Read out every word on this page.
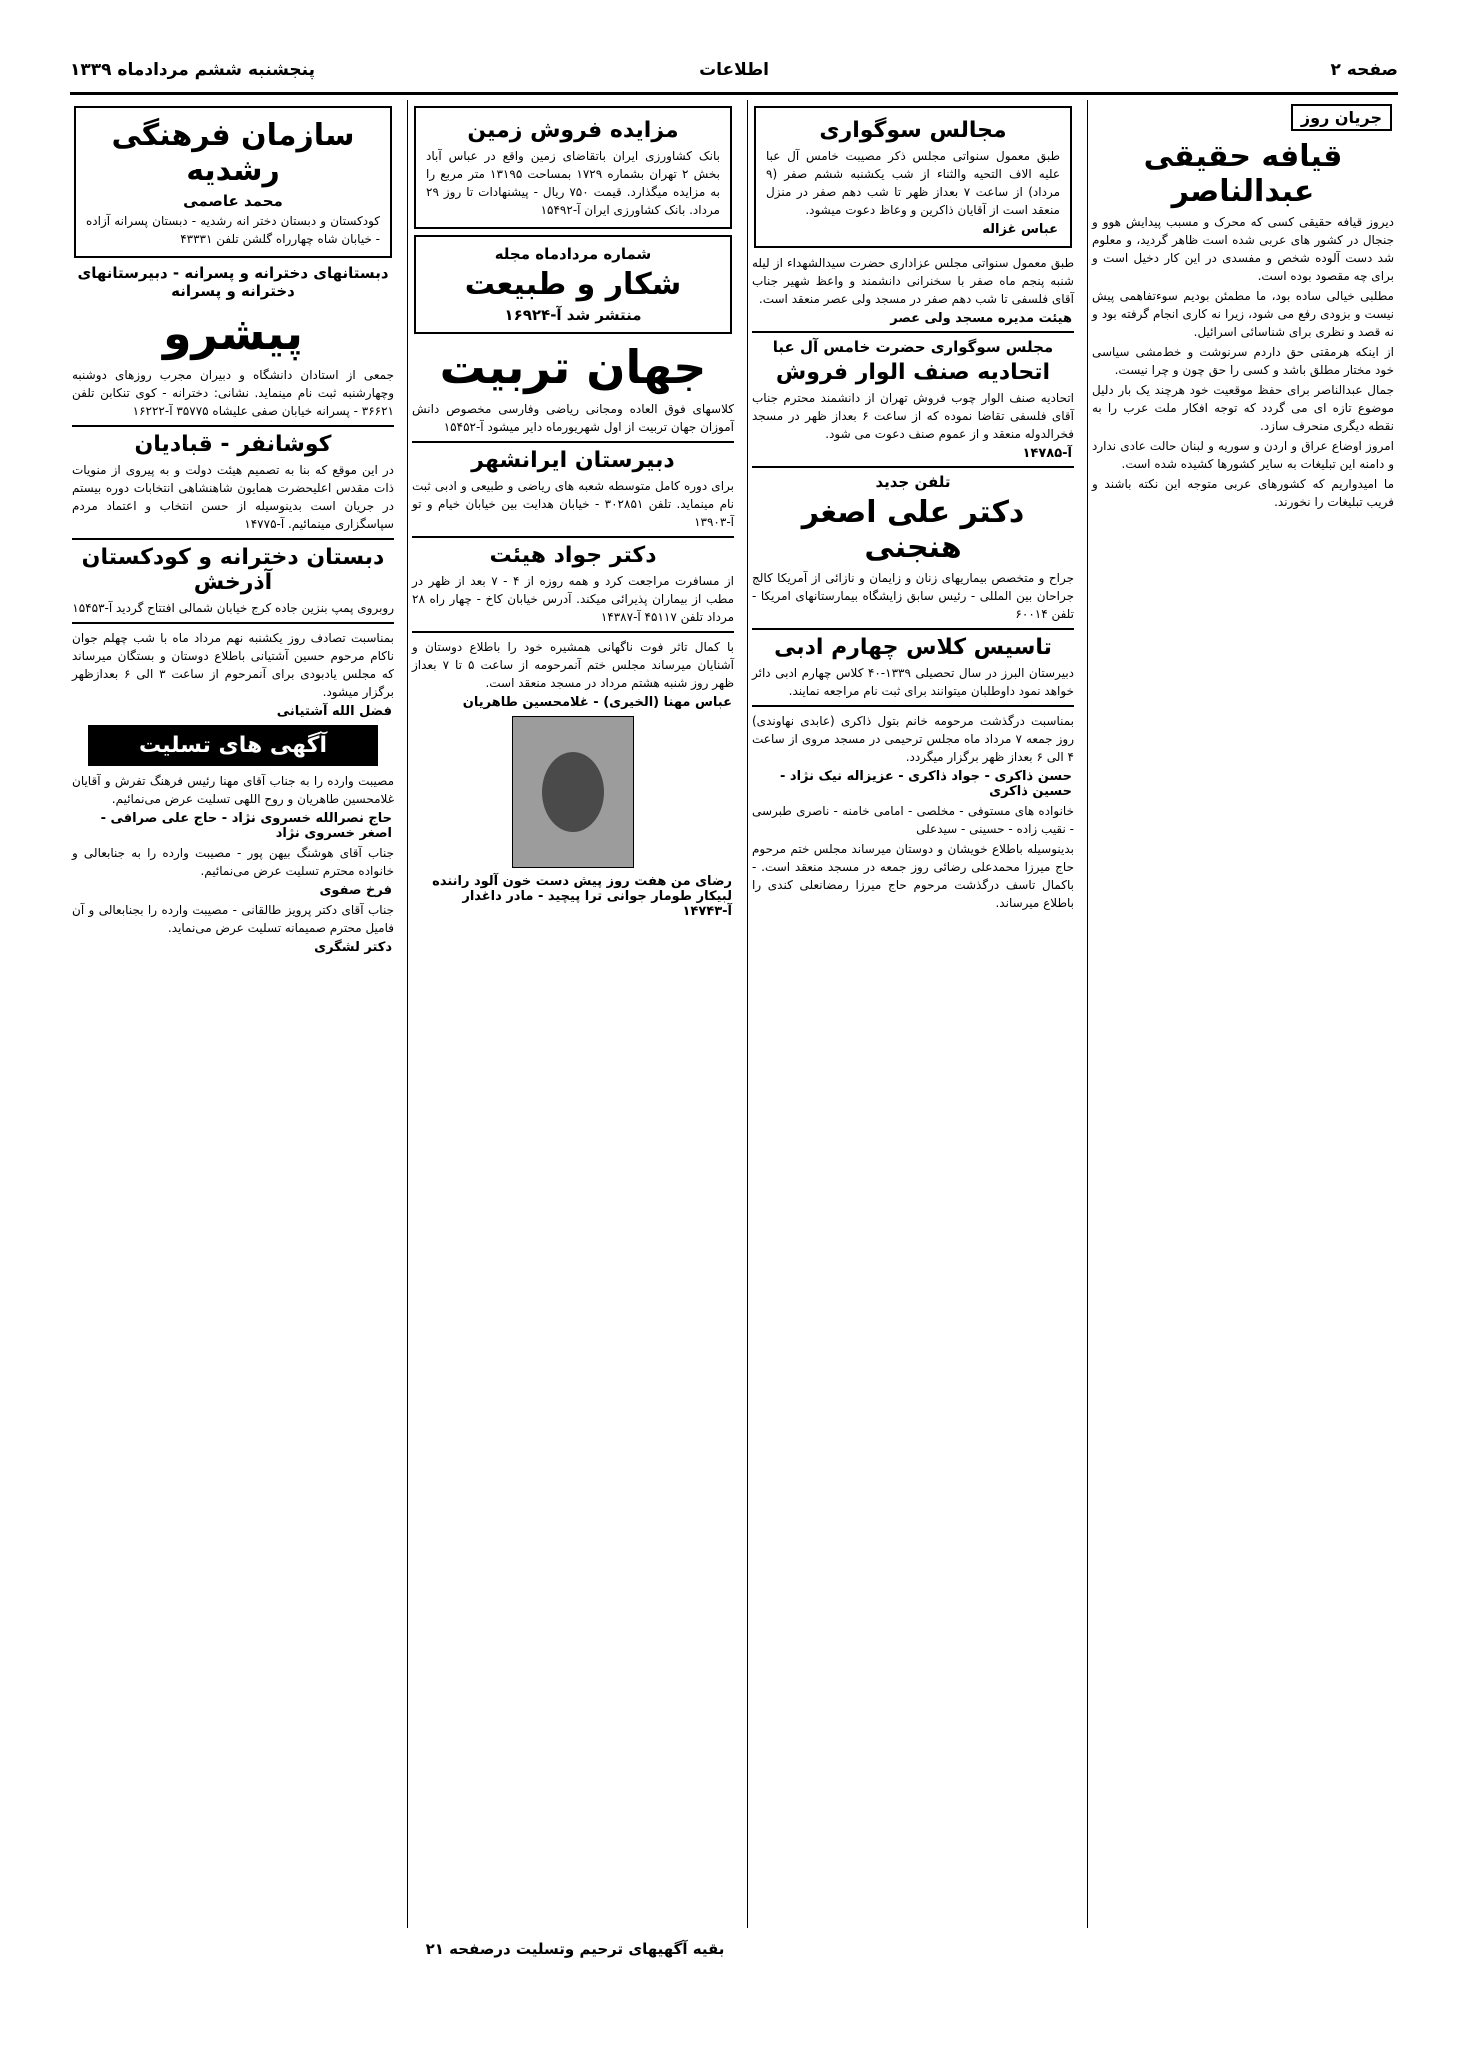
صفحه ۲
اطلاعات
پنجشنبه ششم مردادماه ۱۳۳۹
جریان روز
قیافه حقیقی عبدالناصر
دیروز قیافه حقیقی کسی که محرک و مسبب پیدایش هوو و جنجال در کشور های عربی شده است ظاهر گردید، و معلوم شد دست آلوده شخص و مفسدی در این کار دخیل است و برای چه مقصود بوده است.
مطلبی خیالی ساده بود، ما مطمئن بودیم سوءتفاهمی پیش نیست و بزودی رفع می شود، زیرا نه کاری انجام گرفته بود و نه قصد و نظری برای شناسائی اسرائیل.
از اینکه هرمقتی حق داردم سرنوشت و خط‌مشی سیاسی خود مختار مطلق باشد و کسی را حق چون و چرا نیست.
جمال عبدالناصر برای حفظ موقعیت خود هرچند یک بار دلیل موضوع تازه ای می گردد که توجه افکار ملت عرب را به نقطه دیگری منحرف سازد.
امروز اوضاع عراق و اردن و سوریه و لبنان حالت عادی ندارد و دامنه این تبلیغات به سایر کشورها کشیده شده است.
ما امیدواریم که کشورهای عربی متوجه این نکته باشند و فریب تبلیغات را نخورند.
مجالس سوگواری
طبق معمول سنواتی مجلس ذکر مصیبت خامس آل عبا علیه الاف التحیه والثناء از شب یکشنبه ششم صفر (۹ مرداد) از ساعت ۷ بعداز ظهر تا شب دهم صفر در منزل منعقد است از آقایان ذاکرین و وعاظ دعوت میشود.
عباس غزاله
طبق معمول سنواتی مجلس عزاداری حضرت سیدالشهداء از لیله شنبه پنجم ماه صفر با سخنرانی دانشمند و واعظ شهیر جناب آقای فلسفی تا شب دهم صفر در مسجد ولی عصر منعقد است.
هیئت مدیره مسجد ولی عصر
مجلس سوگواری حضرت خامس آل عبا
اتحادیه صنف الوار فروش
اتحادیه صنف الوار چوب فروش تهران از دانشمند محترم جناب آقای فلسفی تقاضا نموده که از ساعت ۶ بعداز ظهر در مسجد فخرالدوله منعقد و از عموم صنف دعوت می شود.
آ-۱۴۷۸۵
تلفن جدید
دکتر علی اصغر هنجنی
جراح و متخصص بیماریهای زنان و زایمان و نازائی از آمریکا کالج جراحان بین المللی - رئیس سابق زایشگاه بیمارستانهای امریکا - تلفن ۶۰۰۱۴
تاسیس کلاس چهارم ادبی
دبیرستان البرز در سال تحصیلی ۱۳۳۹-۴۰ کلاس چهارم ادبی دائر خواهد نمود داوطلبان میتوانند برای ثبت نام مراجعه نمایند.
بمناسبت درگذشت مرحومه خانم بتول ذاکری (عابدی نهاوندی) روز جمعه ۷ مرداد ماه مجلس ترحیمی در مسجد مروی از ساعت ۴ الی ۶ بعداز ظهر برگزار میگردد.
حسن ذاکری - جواد ذاکری - عزیزاله نیک نژاد - حسین ذاکری
خانواده های مستوفی - مخلصی - امامی خامنه - ناصری طبرسی - نقیب زاده - حسینی - سیدعلی
بدینوسیله باطلاع خویشان و دوستان میرساند مجلس ختم مرحوم حاج میرزا محمدعلی رضائی روز جمعه در مسجد منعقد است. - باکمال تاسف درگذشت مرحوم حاج میرزا رمضانعلی کندی را باطلاع میرساند.
مزایده فروش زمین
بانک کشاورزی ایران باتقاضای زمین واقع در عباس آباد بخش ۲ تهران بشماره ۱۷۲۹ بمساحت ۱۳۱۹۵ متر مربع را به مزایده میگذارد. قیمت ۷۵۰ ریال - پیشنهادات تا روز ۲۹ مرداد. بانک کشاورزی ایران آ-۱۵۴۹۲
شماره مردادماه مجله
شکار و طبیعت
منتشر شد آ-۱۶۹۲۴
جهان تربیت
کلاسهای فوق العاده ومجانی ریاضی وفارسی مخصوص دانش آموزان جهان تربیت از اول شهریورماه دایر میشود آ-۱۵۴۵۲
دبیرستان ایرانشهر
برای دوره کامل متوسطه شعبه های ریاضی و طبیعی و ادبی ثبت نام مینماید. تلفن ۳۰۲۸۵۱ - خیابان هدایت بین خیابان خیام و تو آ-۱۳۹۰۳
دکتر جواد هیئت
از مسافرت مراجعت کرد و همه روزه از ۴ - ۷ بعد از ظهر در مطب از بیماران پذیرائی میکند. آدرس خیابان کاخ - چهار راه ۲۸ مرداد تلفن ۴۵۱۱۷ آ-۱۴۳۸۷
با کمال تاثر فوت ناگهانی همشیره خود را باطلاع دوستان و آشنایان میرساند مجلس ختم آنمرحومه از ساعت ۵ تا ۷ بعداز ظهر روز شنبه هشتم مرداد در مسجد منعقد است.
عباس مهنا (الخیری) - غلامحسین طاهریان
رضای من هفت روز پیش دست خون آلود راننده لبیکار طومار جوانی ترا پیچید - مادر داغدار آ-۱۴۷۴۳
سازمان فرهنگی رشدیه
محمد عاصمی
کودکستان و دبستان دختر انه رشدیه - دبستان پسرانه آزاده - خیابان شاه چهارراه گلشن تلفن ۴۳۳۳۱
دبستانهای دخترانه و پسرانه - دبیرستانهای دخترانه و پسرانه
پیشرو
جمعی از استادان دانشگاه و دبیران مجرب روزهای دوشنبه وچهارشنبه ثبت نام مینماید. نشانی: دخترانه - کوی تنکابن تلفن ۳۶۶۲۱ - پسرانه خیابان صفی علیشاه ۳۵۷۷۵ آ-۱۶۲۲۲
کوشانفر - قبادیان
در این موقع که بنا به تصمیم هیئت دولت و به پیروی از منویات ذات مقدس اعلیحضرت همایون شاهنشاهی انتخابات دوره بیستم در جریان است بدینوسیله از حسن انتخاب و اعتماد مردم سپاسگزاری مینمائیم. آ-۱۴۷۷۵
دبستان دخترانه و کودکستان آذرخش
روبروی پمپ بنزین جاده کرج خیابان شمالی افتتاح گردید آ-۱۵۴۵۳
بمناسبت تصادف روز یکشنبه نهم مرداد ماه با شب چهلم جوان ناکام مرحوم حسین آشتیانی باطلاع دوستان و بستگان میرساند که مجلس یادبودی برای آنمرحوم از ساعت ۳ الی ۶ بعدازظهر برگزار میشود.
فضل الله آشتیانی
آگهی های تسلیت
مصیبت وارده را به جناب آقای مهنا رئیس فرهنگ تفرش و آقایان غلامحسین طاهریان و روح اللهی تسلیت عرض می‌نمائیم.
حاج نصرالله خسروی نژاد - حاج علی صرافی - اصغر خسروی نژاد
جناب آقای هوشنگ بیهن پور - مصیبت وارده را به جنابعالی و خانواده محترم تسلیت عرض می‌نمائیم.
فرخ صفوی
جناب آقای دکتر پرویز طالقانی - مصیبت وارده را بجنابعالی و آن فامیل محترم صمیمانه تسلیت عرض می‌نماید.
دکتر لشگری
بقیه آگهیهای ترحیم وتسلیت درصفحه ۲۱
